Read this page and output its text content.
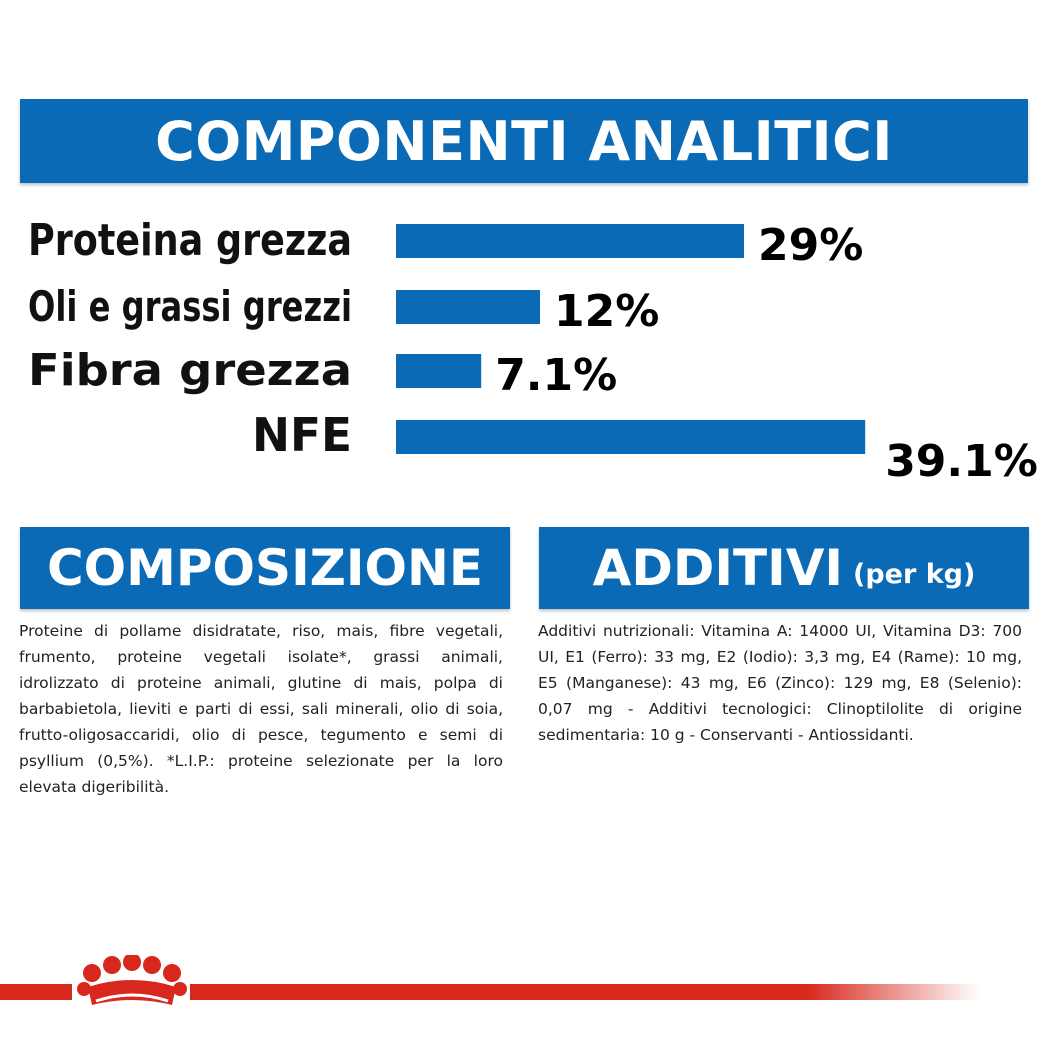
COMPONENTI ANALITICI
Proteina grezza	29%
Oli e grassi grezzi	12%
Fibra grezza	7.1%
NFE	39.1%
COMPOSIZIONE ADDITIVI (per kg)

Proteine di pollame disidratate, riso, mais, fibre vegetali, frumento, proteine vegetali isolate*, grassi animali, idrolizzato di proteine animali, glutine di mais, polpa di barbabietola, lieviti e parti di essi, sali minerali, olio di soia, frutto-oligosaccaridi, olio di pesce, tegumento e semi di psyllium (0,5%). *L.I.P.: proteine selezionate per la loro elevata digeribilità.

Additivi nutrizionali: Vitamina A: 14000 UI, Vitamina D3: 700 UI, E1 (Ferro): 33 mg, E2 (Iodio): 3,3 mg, E4 (Rame): 10 mg, E5 (Manganese): 43 mg, E6 (Zinco): 129 mg, E8 (Selenio): 0,07 mg - Additivi tecnologici: Clinoptilolite di origine sedimentaria: 10 g - Conservanti - Antiossidanti.
